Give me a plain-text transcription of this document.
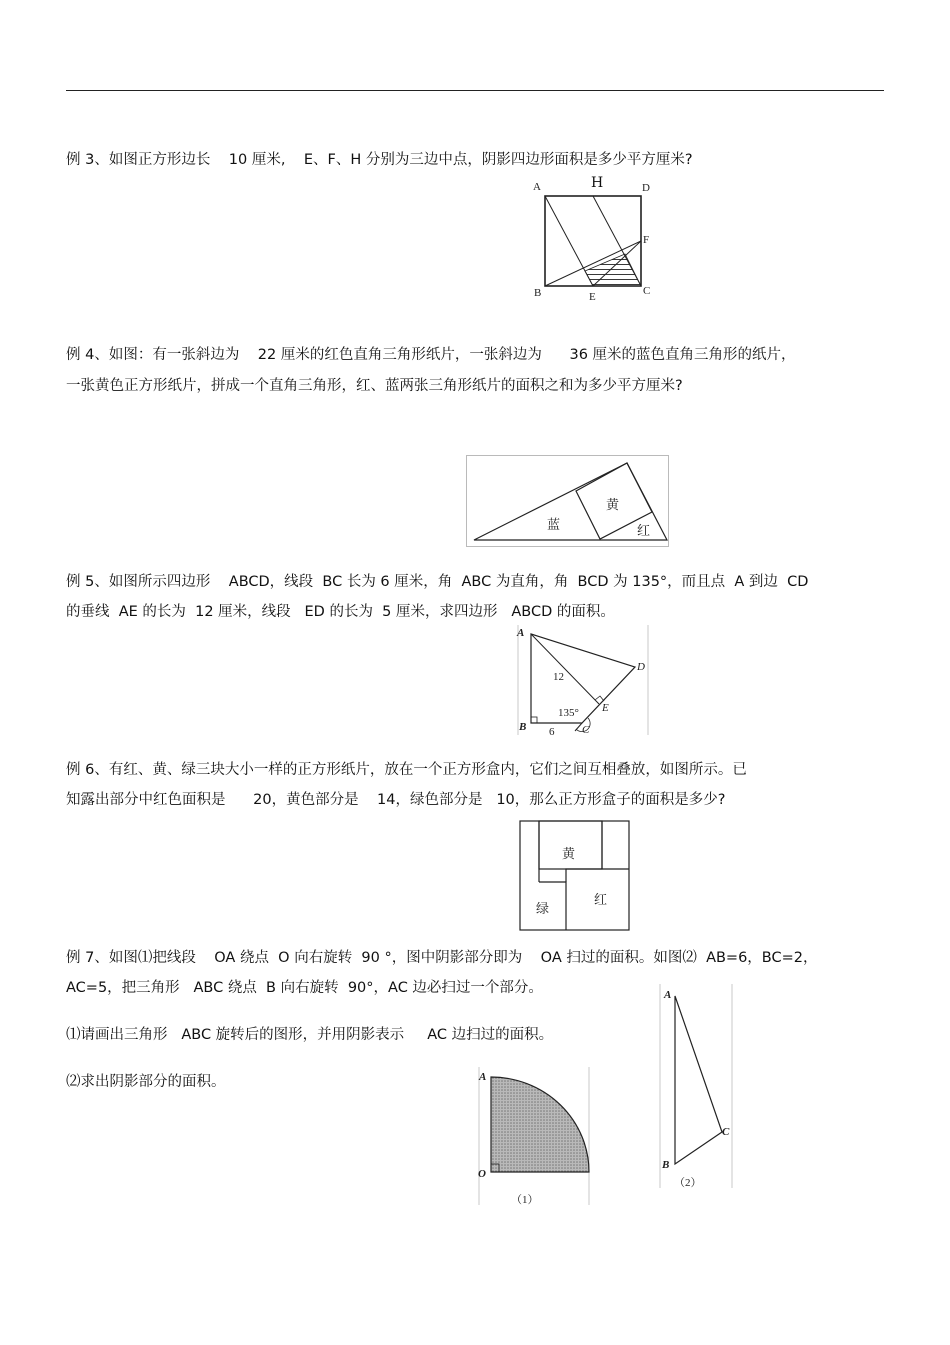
例 3、如图正方形边长    10 厘米,    E、F、H 分别为三边中点，阴影四边形面积是多少平方厘米?
A	H	D
F
B	E	C
例 4、如图：有一张斜边为    22 厘米的红色直角三角形纸片，一张斜边为      36 厘米的蓝色直角三角形的纸片，
一张黄色正方形纸片，拼成一个直角三角形，红、蓝两张三角形纸片的面积之和为多少平方厘米?
蓝
黄
红
例 5、如图所示四边形    ABCD，线段  BC 长为 6 厘米，角  ABC 为直角，角  BCD 为 135°，而且点  A 到边  CD
的垂线  AE 的长为  12 厘米，线段   ED 的长为  5 厘米，求四边形   ABCD 的面积。
A
D
E
B	C
12
135°
6
例 6、有红、黄、绿三块大小一样的正方形纸片，放在一个正方形盒内，它们之间互相叠放，如图所示。已
知露出部分中红色面积是      20，黄色部分是    14，绿色部分是   10，那么正方形盒子的面积是多少?
黄
红
绿
例 7、如图⑴把线段    OA 绕点  O 向右旋转  90 °，图中阴影部分即为    OA 扫过的面积。如图⑵  AB=6，BC=2，
AC=5，把三角形   ABC 绕点  B 向右旋转  90°，AC 边必扫过一个部分。
⑴请画出三角形   ABC 旋转后的图形，并用阴影表示     AC 边扫过的面积。
⑵求出阴影部分的面积。	A
O
（1）
A
B
C
（2）
